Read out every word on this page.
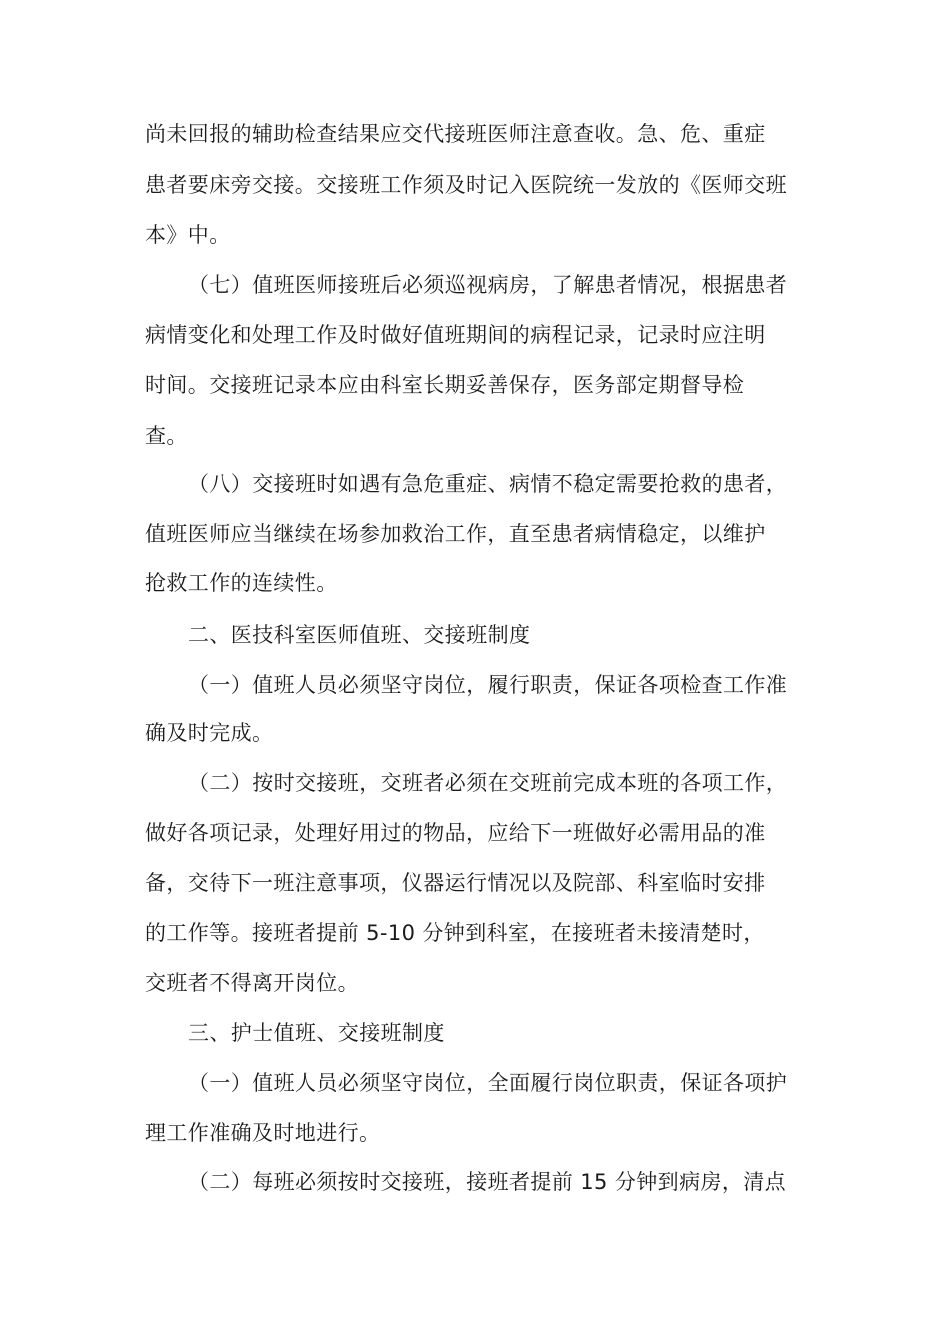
尚未回报的辅助检查结果应交代接班医师注意查收。急、危、重症
患者要床旁交接。交接班工作须及时记入医院统一发放的《医师交班
本》中。
（七）值班医师接班后必须巡视病房，了解患者情况，根据患者
病情变化和处理工作及时做好值班期间的病程记录，记录时应注明
时间。交接班记录本应由科室长期妥善保存，医务部定期督导检
查。
（八）交接班时如遇有急危重症、病情不稳定需要抢救的患者，
值班医师应当继续在场参加救治工作，直至患者病情稳定，以维护
抢救工作的连续性。
二、医技科室医师值班、交接班制度
（一）值班人员必须坚守岗位，履行职责，保证各项检查工作准
确及时完成。
（二）按时交接班，交班者必须在交班前完成本班的各项工作，
做好各项记录，处理好用过的物品，应给下一班做好必需用品的准
备，交待下一班注意事项，仪器运行情况以及院部、科室临时安排
的工作等。接班者提前 5-10 分钟到科室，在接班者未接清楚时，
交班者不得离开岗位。
三、护士值班、交接班制度
（一）值班人员必须坚守岗位，全面履行岗位职责，保证各项护
理工作准确及时地进行。
（二）每班必须按时交接班，接班者提前 15 分钟到病房，清点
